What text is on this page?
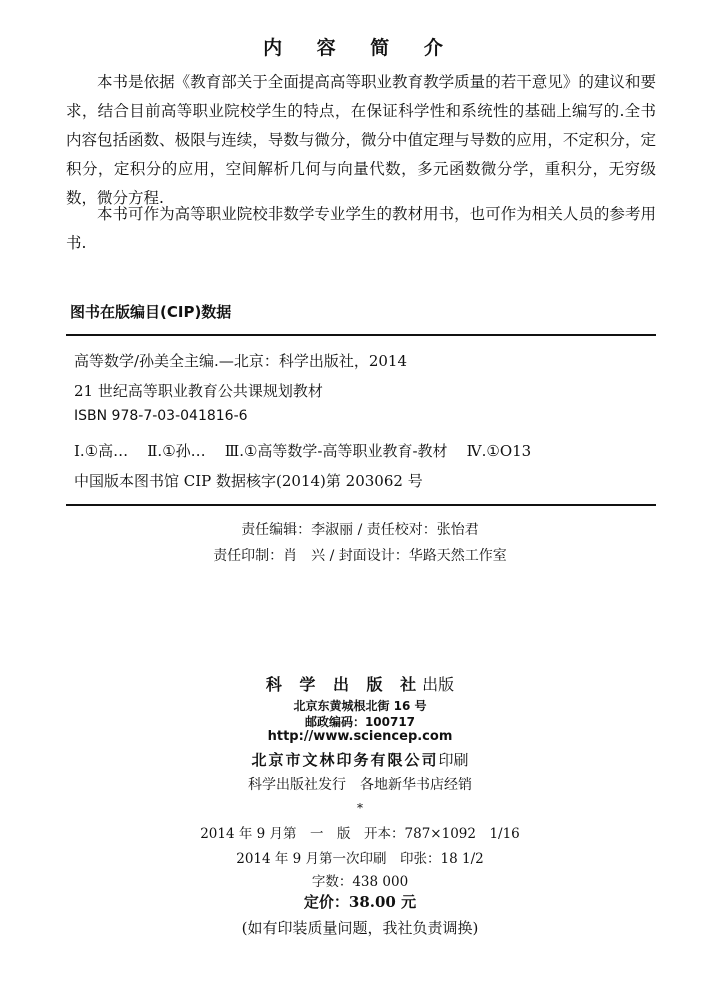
内 容 简 介

本书是依据《教育部关于全面提高高等职业教育教学质量的若干意见》的建议和要求，结合目前高等职业院校学生的特点，在保证科学性和系统性的基础上编写的.全书内容包括函数、极限与连续，导数与微分，微分中值定理与导数的应用，不定积分，定积分，定积分的应用，空间解析几何与向量代数，多元函数微分学，重积分，无穷级数，微分方程.

本书可作为高等职业院校非数学专业学生的教材用书，也可作为相关人员的参考用书.

图书在版编目(CIP)数据
高等数学/孙美全主编.—北京：科学出版社，2014
21 世纪高等职业教育公共课规划教材
ISBN 978-7-03-041816-6
Ⅰ.①高… Ⅱ.①孙… Ⅲ.①高等数学-高等职业教育-教材 Ⅳ.①O13
中国版本图书馆 CIP 数据核字(2014)第 203062 号
责任编辑：李淑丽 / 责任校对：张怡君
责任印制：肖　兴 / 封面设计：华路天然工作室
科 学 出 版 社出版
北京东黄城根北街 16 号
邮政编码：100717
http://www.sciencep.com
北京市文林印务有限公司印刷
科学出版社发行　各地新华书店经销
*
2014 年 9 月第　一　版　开本：787×1092　1/16
2014 年 9 月第一次印刷　印张：18 1/2
字数：438 000
定价：38.00 元
(如有印装质量问题，我社负责调换)
